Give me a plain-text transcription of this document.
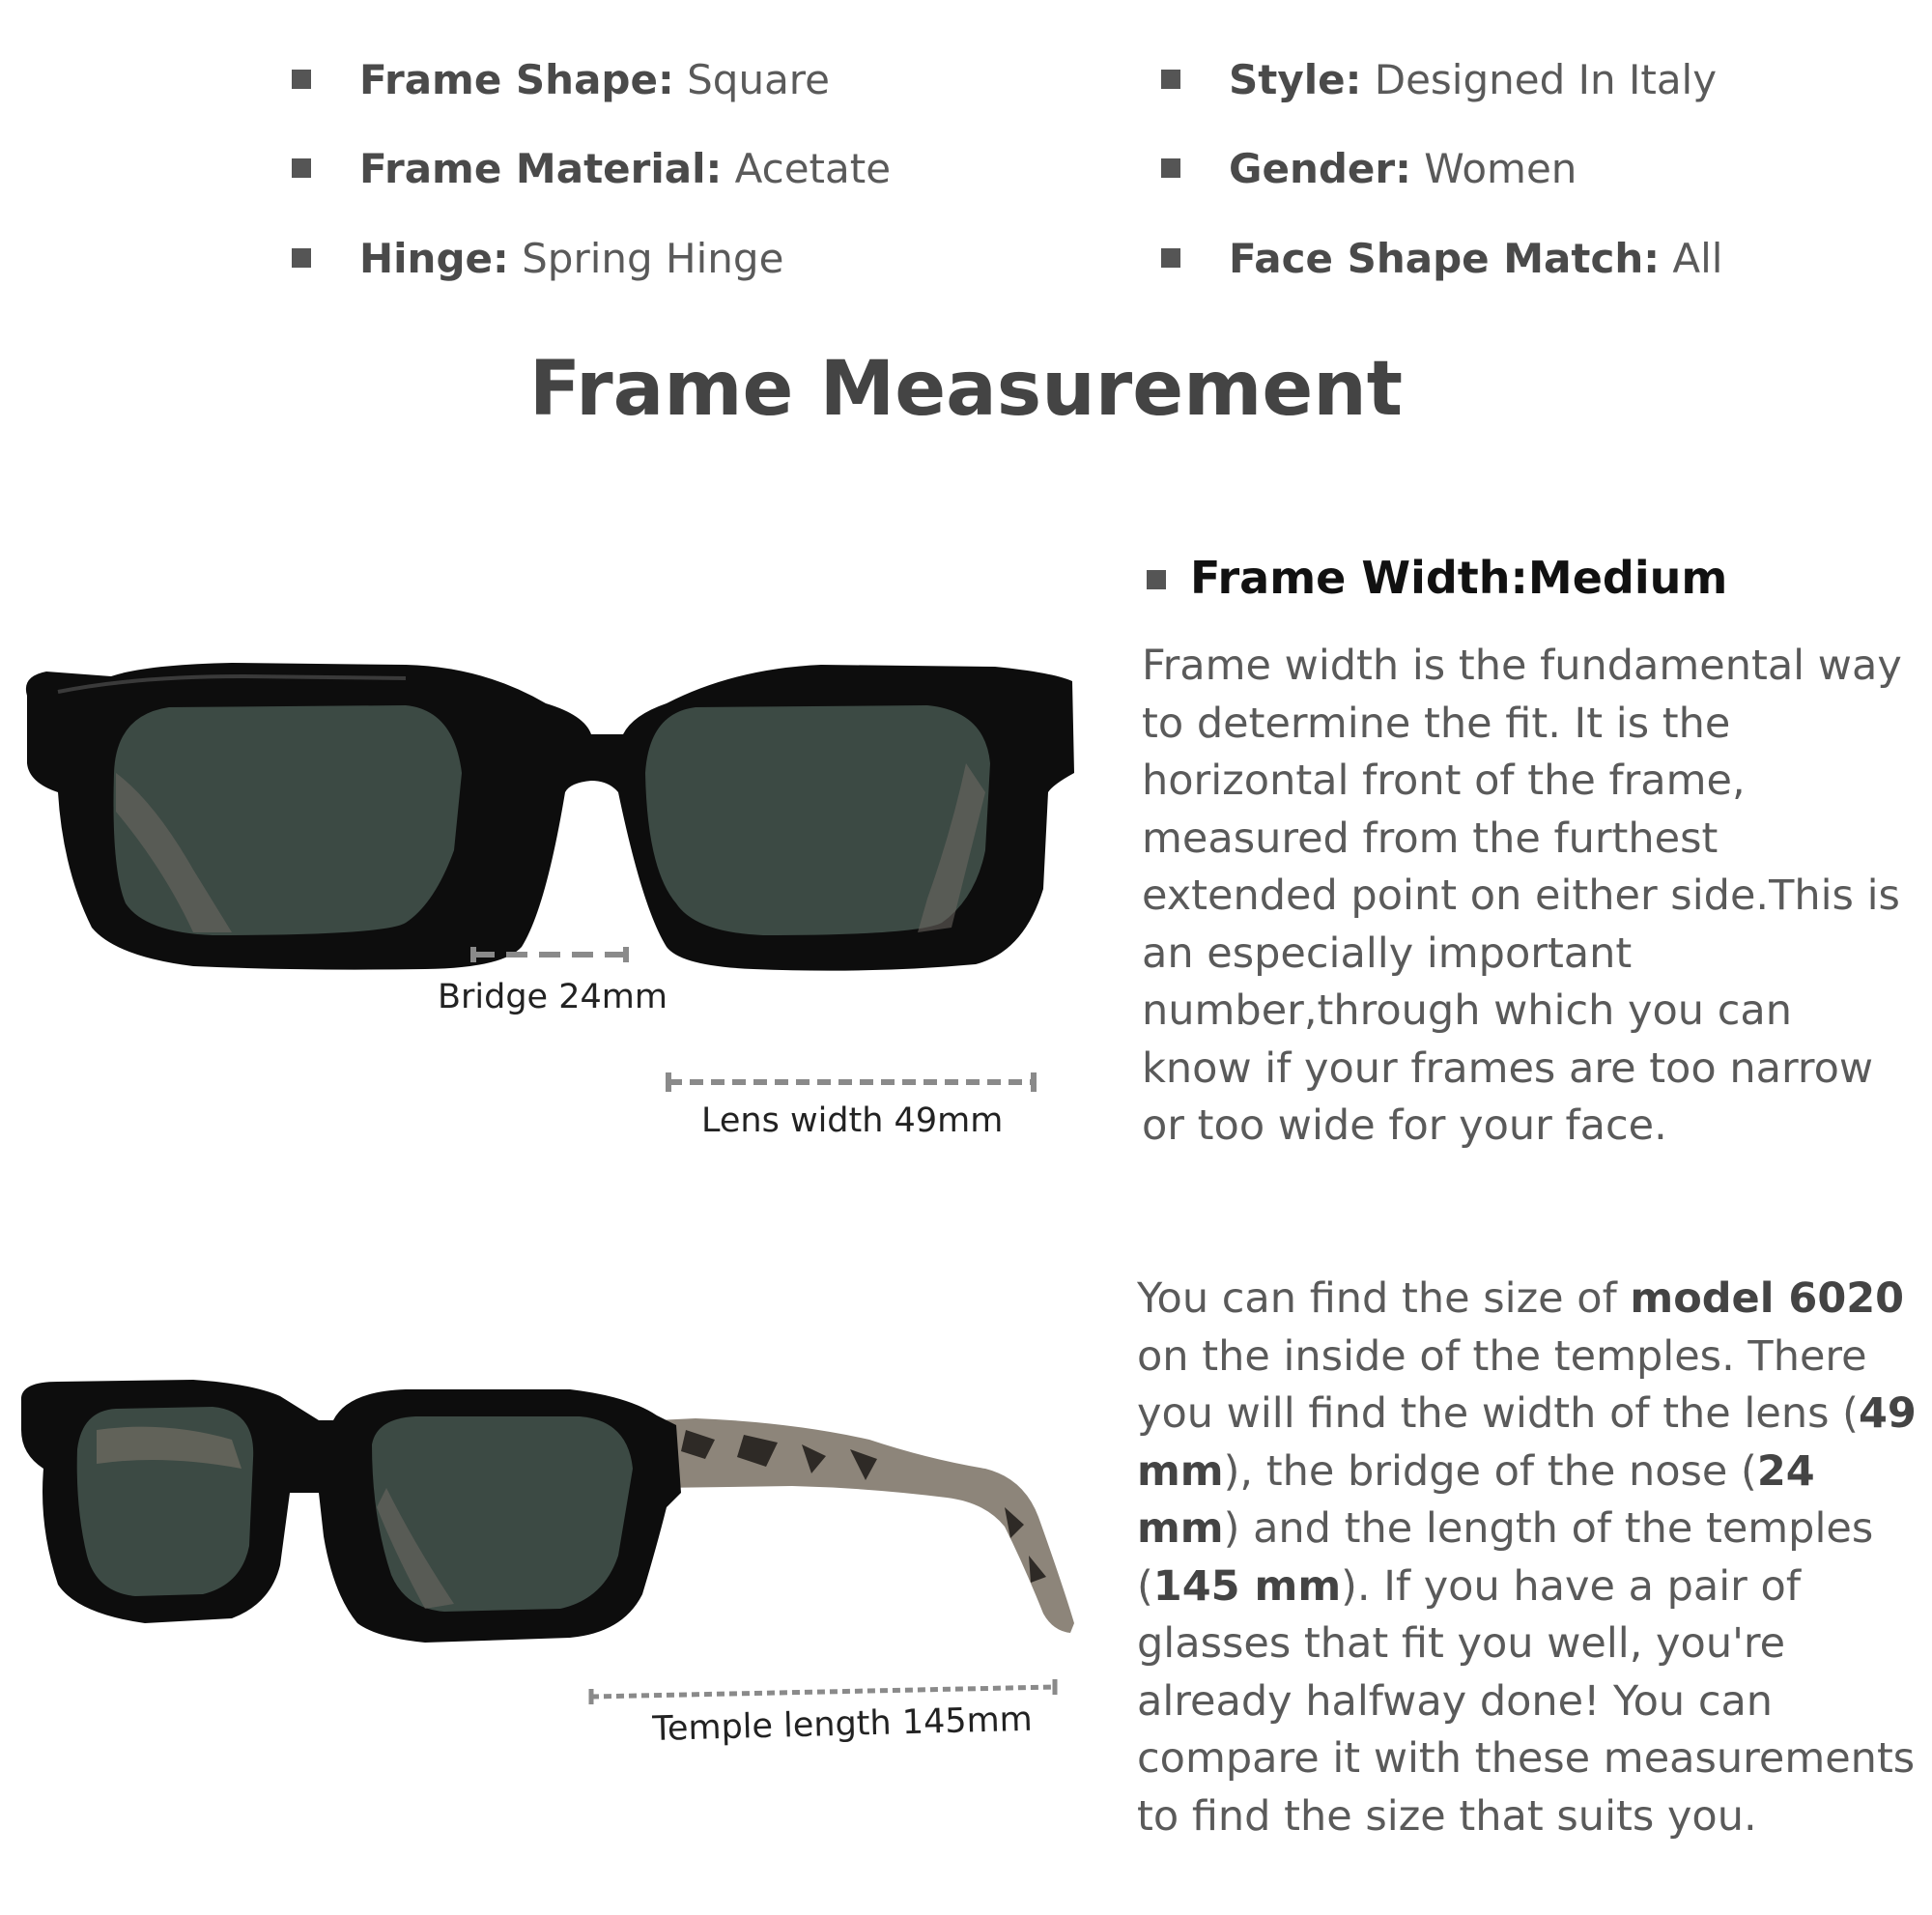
Frame Shape: Square
Frame Material: Acetate
Hinge: Spring Hinge
Style: Designed In Italy
Gender: Women
Face Shape Match: All
Frame Measurement
Bridge 24mm
Lens width 49mm
Temple length 145mm
Frame Width:Medium
Frame width is the fundamental way to determine the fit. It is the horizontal front of the frame, measured from the furthest extended point on either side.This is an especially important number,through which you can know if your frames are too narrow or too wide for your face.
You can find the size of model 6020 on the inside of the temples. There you will find the width of the lens (49 mm), the bridge of the nose (24 mm) and the length of the temples (145 mm). If you have a pair of glasses that fit you well, you're already halfway done! You can compare it with these measurements to find the size that suits you.
